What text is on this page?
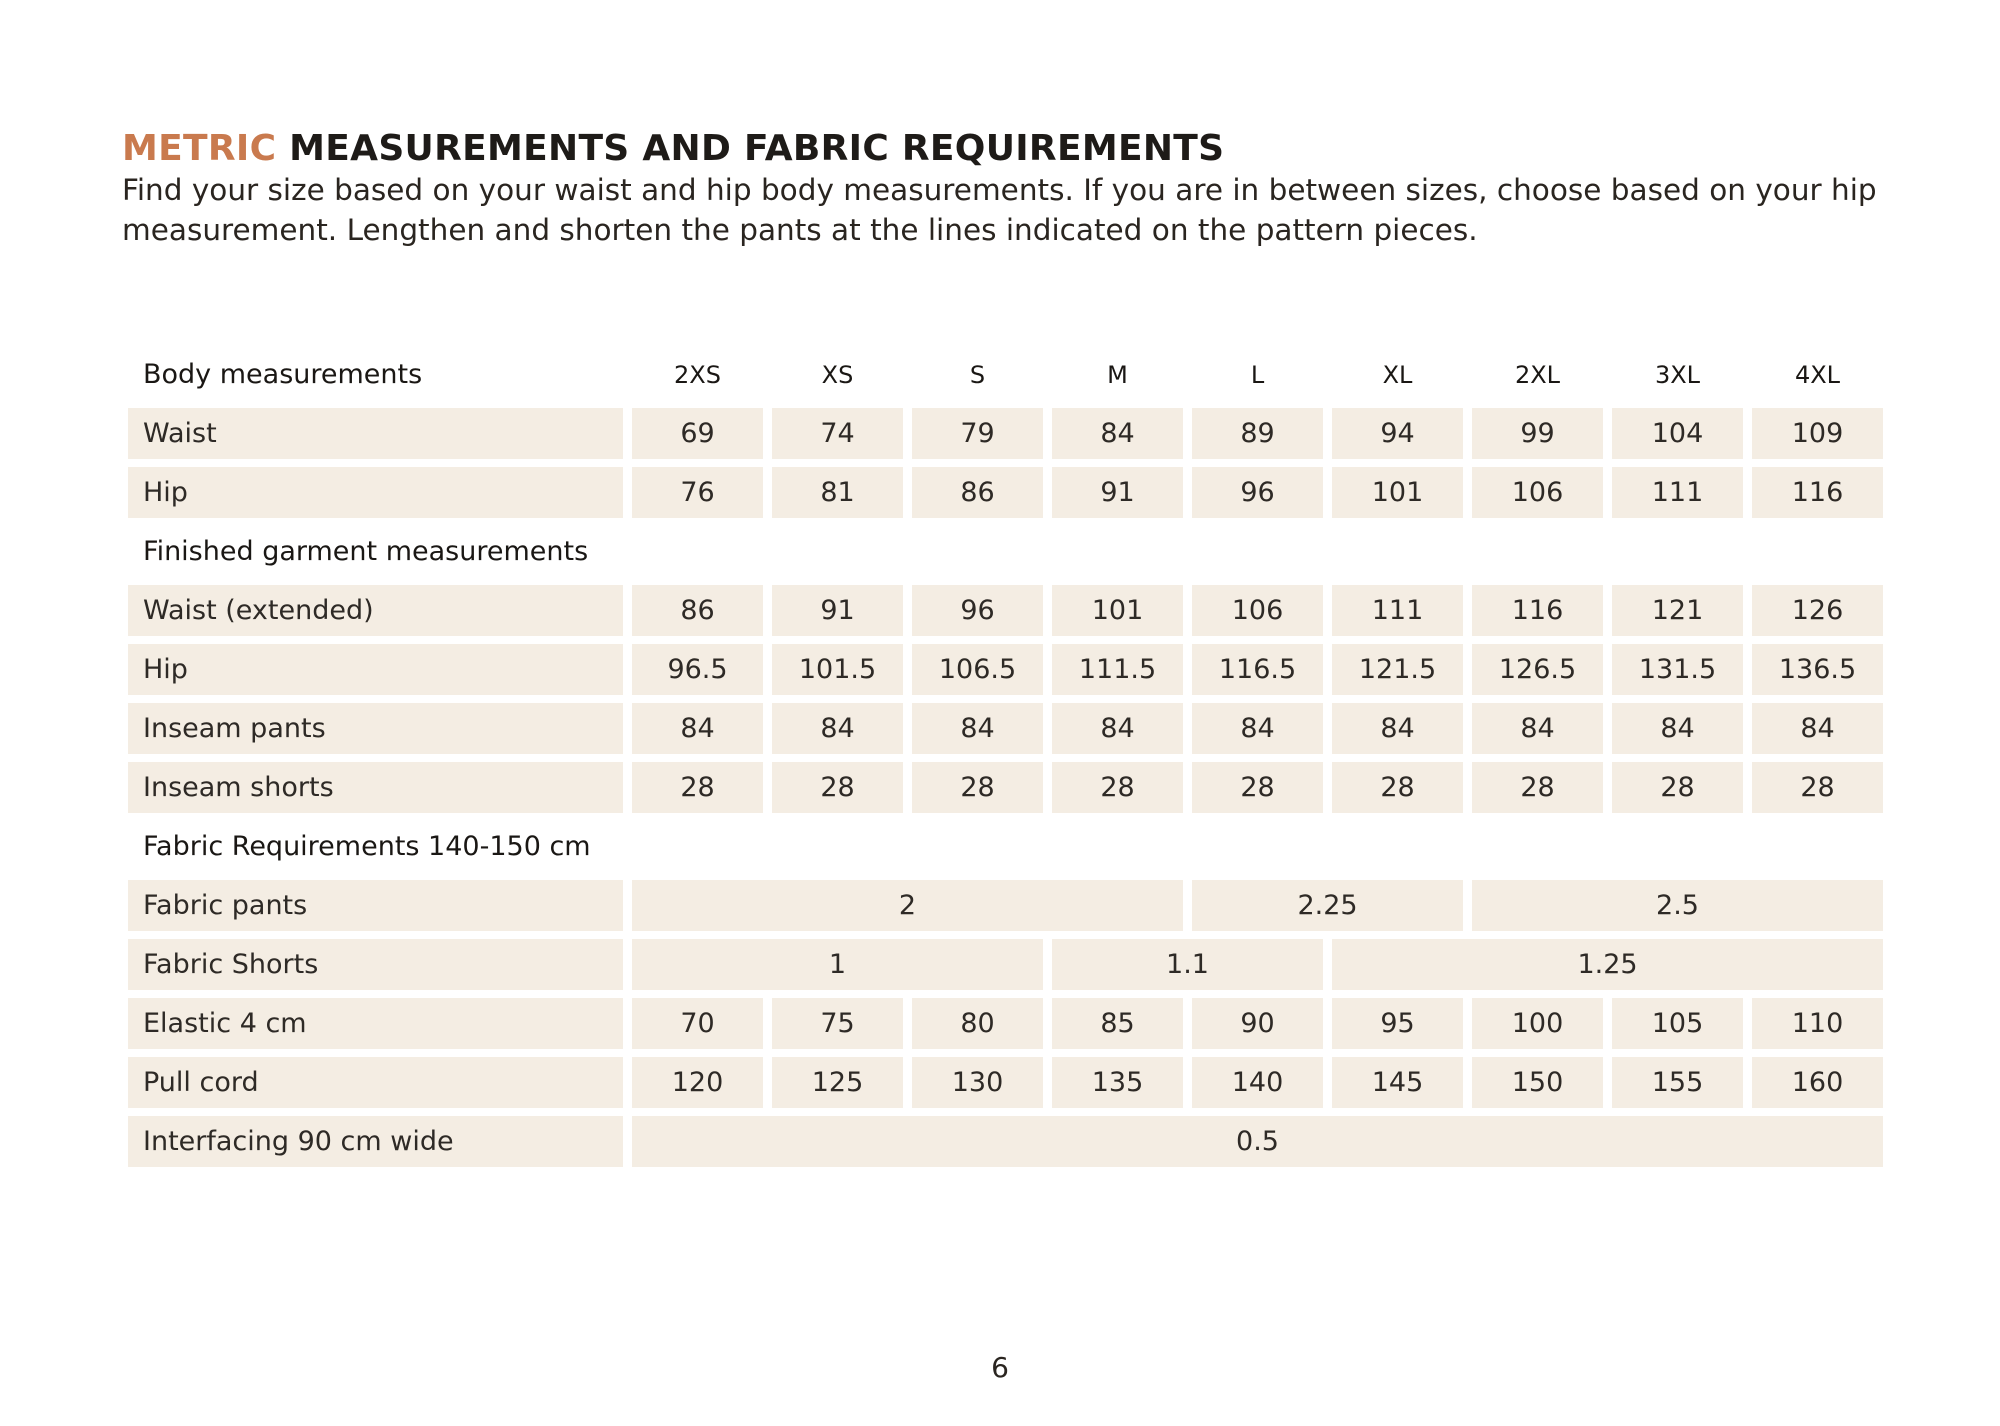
METRIC MEASUREMENTS AND FABRIC REQUIREMENTS

Find your size based on your waist and hip body measurements. If you are in between sizes, choose based on your hip measurement. Lengthen and shorten the pants at the lines indicated on the pattern pieces.

Body measurements	2XS	XS	S	M	L	XL	2XL	3XL	4XL
Waist	69	74	79	84	89	94	99	104	109
Hip	76	81	86	91	96	101	106	111	116
Finished garment measurements
Waist (extended)	86	91	96	101	106	111	116	121	126
Hip	96.5	101.5	106.5	111.5	116.5	121.5	126.5	131.5	136.5
Inseam pants	84	84	84	84	84	84	84	84	84
Inseam shorts	28	28	28	28	28	28	28	28	28
Fabric Requirements 140-150 cm
Fabric pants	2	2.25	2.5
Fabric Shorts	1	1.1	1.25
Elastic 4 cm	70	75	80	85	90	95	100	105	110
Pull cord	120	125	130	135	140	145	150	155	160
Interfacing 90 cm wide	0.5
6
